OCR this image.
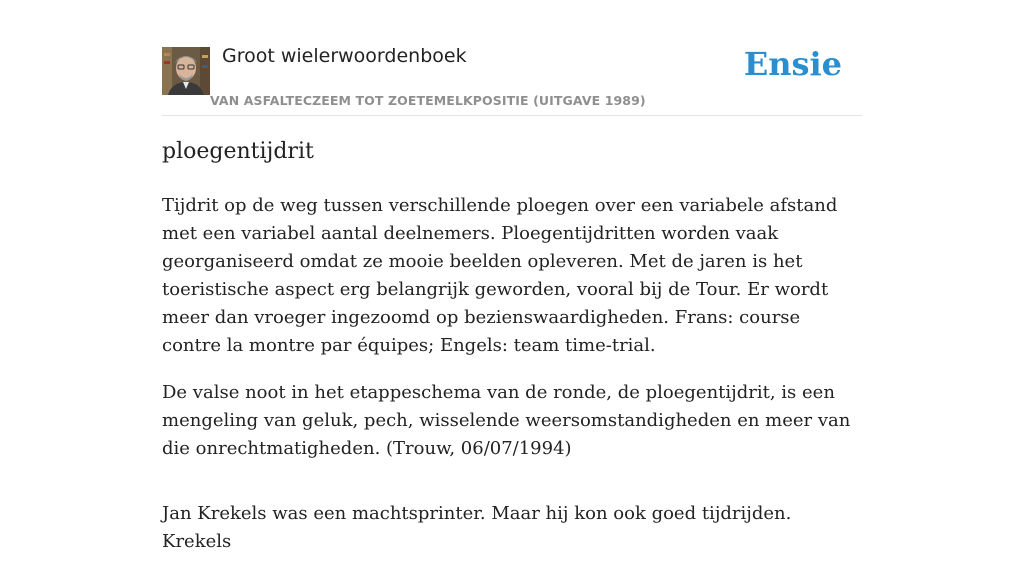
Groot wielerwoordenboek
VAN ASFALTECZEEM TOT ZOETEMELKPOSITIE (UITGAVE 1989)
Ensie
ploegentijdrit

Tijdrit op de weg tussen verschillende ploegen over een variabele afstand met een variabel aantal deelnemers. Ploegentijdritten worden vaak georganiseerd omdat ze mooie beelden opleveren. Met de jaren is het toeristische aspect erg belangrijk geworden, vooral bij de Tour. Er wordt meer dan vroeger ingezoomd op bezienswaardigheden. Frans: course contre la montre par équipes; Engels: team time-trial.

De valse noot in het etappeschema van de ronde, de ploegentijdrit, is een mengeling van geluk, pech, wisselende weersomstandigheden en meer van die onrechtmatigheden. (Trouw, 06/07/1994)

Jan Krekels was een machtsprinter. Maar hij kon ook goed tijdrijden. Krekels
